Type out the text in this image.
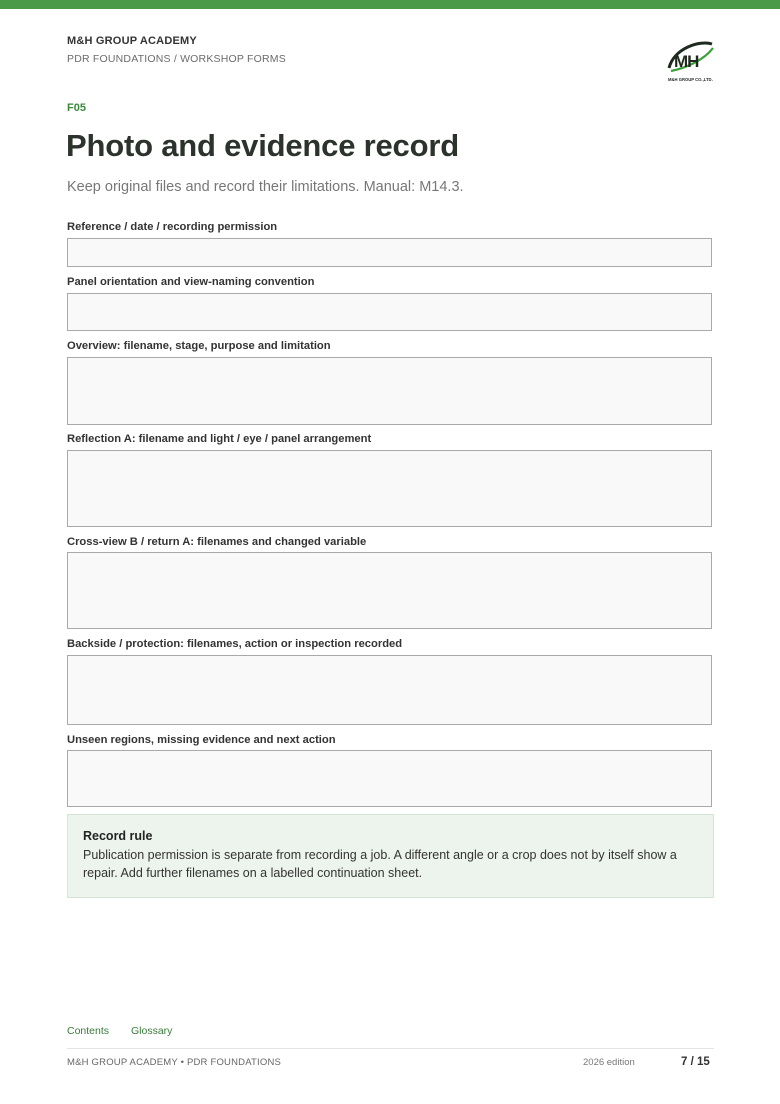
M&H GROUP ACADEMY
PDR FOUNDATIONS / WORKSHOP FORMS	MH
M&H GROUP CO.,LTD.
F05
Photo and evidence record
Keep original files and record their limitations. Manual: M14.3.
Reference / date / recording permission
Panel orientation and view-naming convention
Overview: filename, stage, purpose and limitation
Reflection A: filename and light / eye / panel arrangement
Cross-view B / return A: filenames and changed variable
Backside / protection: filenames, action or inspection recorded
Unseen regions, missing evidence and next action
Record rule
Publication permission is separate from recording a job. A different angle or a crop does not by itself show a repair. Add further filenames on a labelled continuation sheet.
Contents Glossary
M&H GROUP ACADEMY • PDR FOUNDATIONS	2026 edition	7 / 15
